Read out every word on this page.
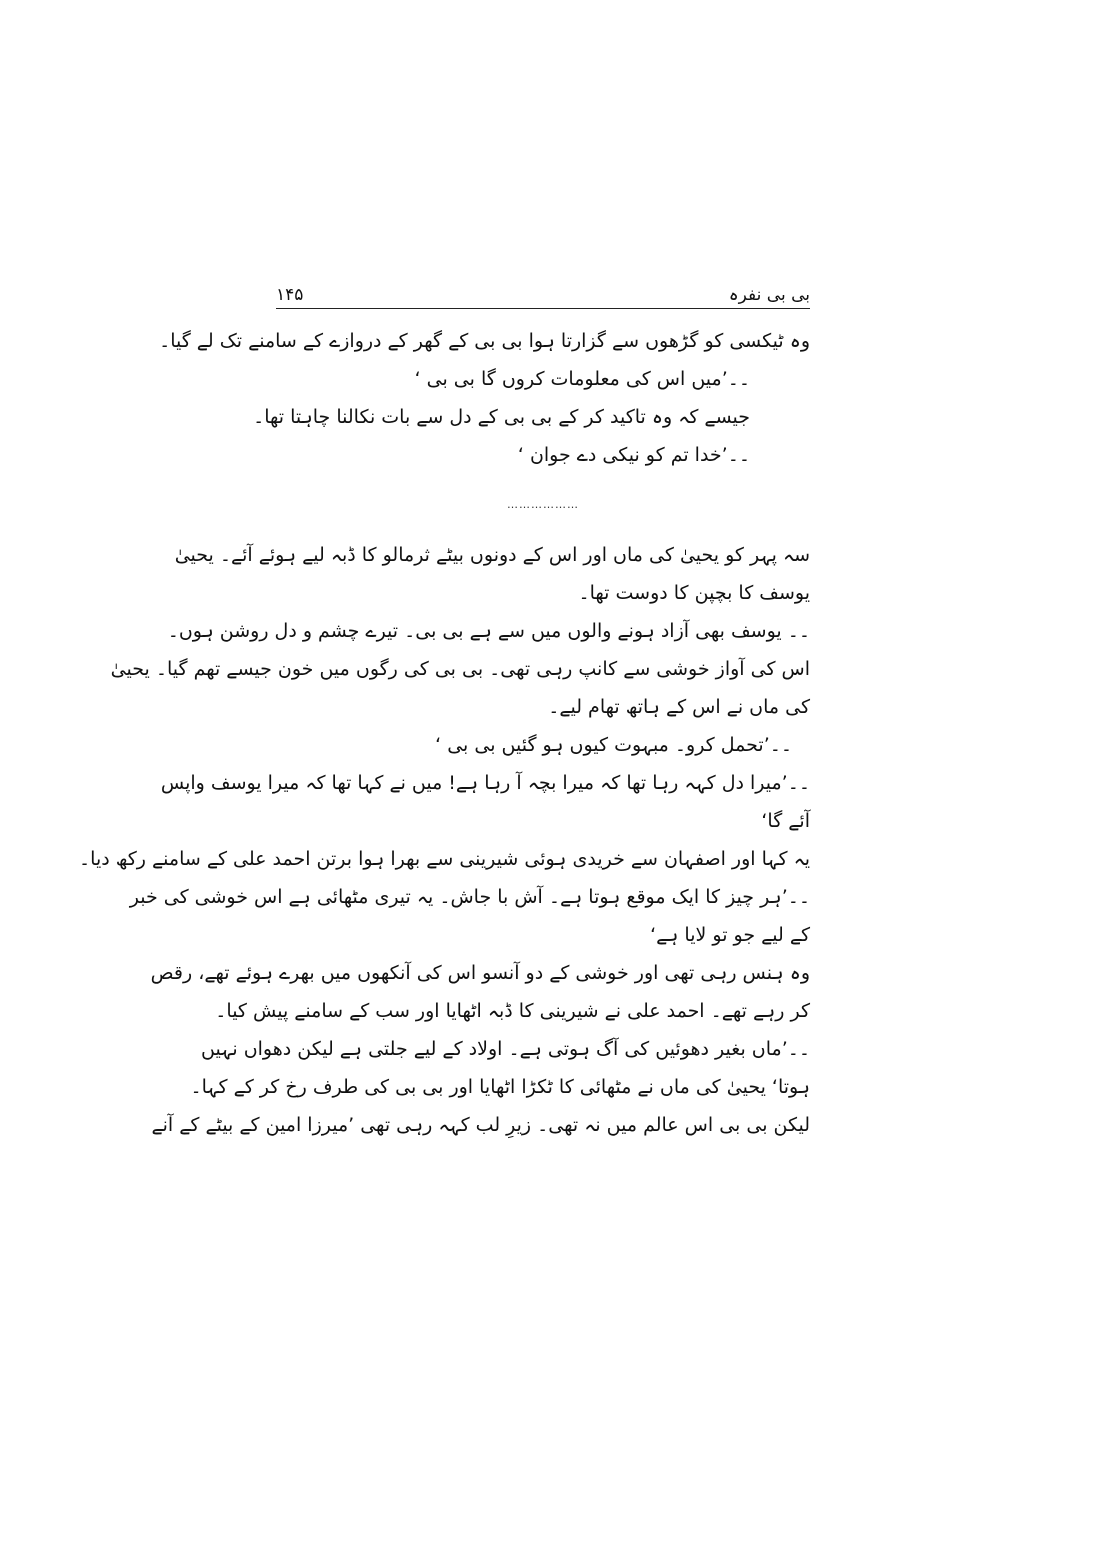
بی بی نفرہ
۱۴۵
وہ ٹیکسی کو گڑھوں سے گزارتا ہوا بی بی کے گھر کے دروازے کے سامنے تک لے گیا۔
۔۔’میں اس کی معلومات کروں گا بی بی ‘
جیسے کہ وہ تاکید کر کے بی بی کے دل سے بات نکالنا چاہتا تھا۔
۔۔’خدا تم کو نیکی دے جوان ‘
………………
سہ پہر کو یحییٰ کی ماں اور اس کے دونوں بیٹے ثرمالو کا ڈبہ لیے ہوئے آئے۔ یحییٰ
یوسف کا بچپن کا دوست تھا۔
۔۔ یوسف بھی آزاد ہونے والوں میں سے ہے بی بی۔ تیرے چشم و دل روشن ہوں۔
اس کی آواز خوشی سے کانپ رہی تھی۔ بی بی کی رگوں میں خون جیسے تھم گیا۔ یحییٰ
کی ماں نے اس کے ہاتھ تھام لیے۔
۔۔’تحمل کرو۔ مبہوت کیوں ہو گئیں بی بی ‘
۔۔’میرا دل کہہ رہا تھا کہ میرا بچہ آ رہا ہے! میں نے کہا تھا کہ میرا یوسف واپس
آئے گا‘
یہ کہا اور اصفہان سے خریدی ہوئی شیرینی سے بھرا ہوا برتن احمد علی کے سامنے رکھ دیا۔
۔۔’ہر چیز کا ایک موقع ہوتا ہے۔ آش با جاش۔ یہ تیری مٹھائی ہے اس خوشی کی خبر
کے لیے جو تو لایا ہے‘
وہ ہنس رہی تھی اور خوشی کے دو آنسو اس کی آنکھوں میں بھرے ہوئے تھے، رقص
کر رہے تھے۔ احمد علی نے شیرینی کا ڈبہ اٹھایا اور سب کے سامنے پیش کیا۔
۔۔’ماں بغیر دھوئیں کی آگ ہوتی ہے۔ اولاد کے لیے جلتی ہے لیکن دھواں نہیں
ہوتا‘ یحییٰ کی ماں نے مٹھائی کا ٹکڑا اٹھایا اور بی بی کی طرف رخ کر کے کہا۔
لیکن بی بی اس عالم میں نہ تھی۔ زیرِ لب کہہ رہی تھی ’میرزا امین کے بیٹے کے آنے
